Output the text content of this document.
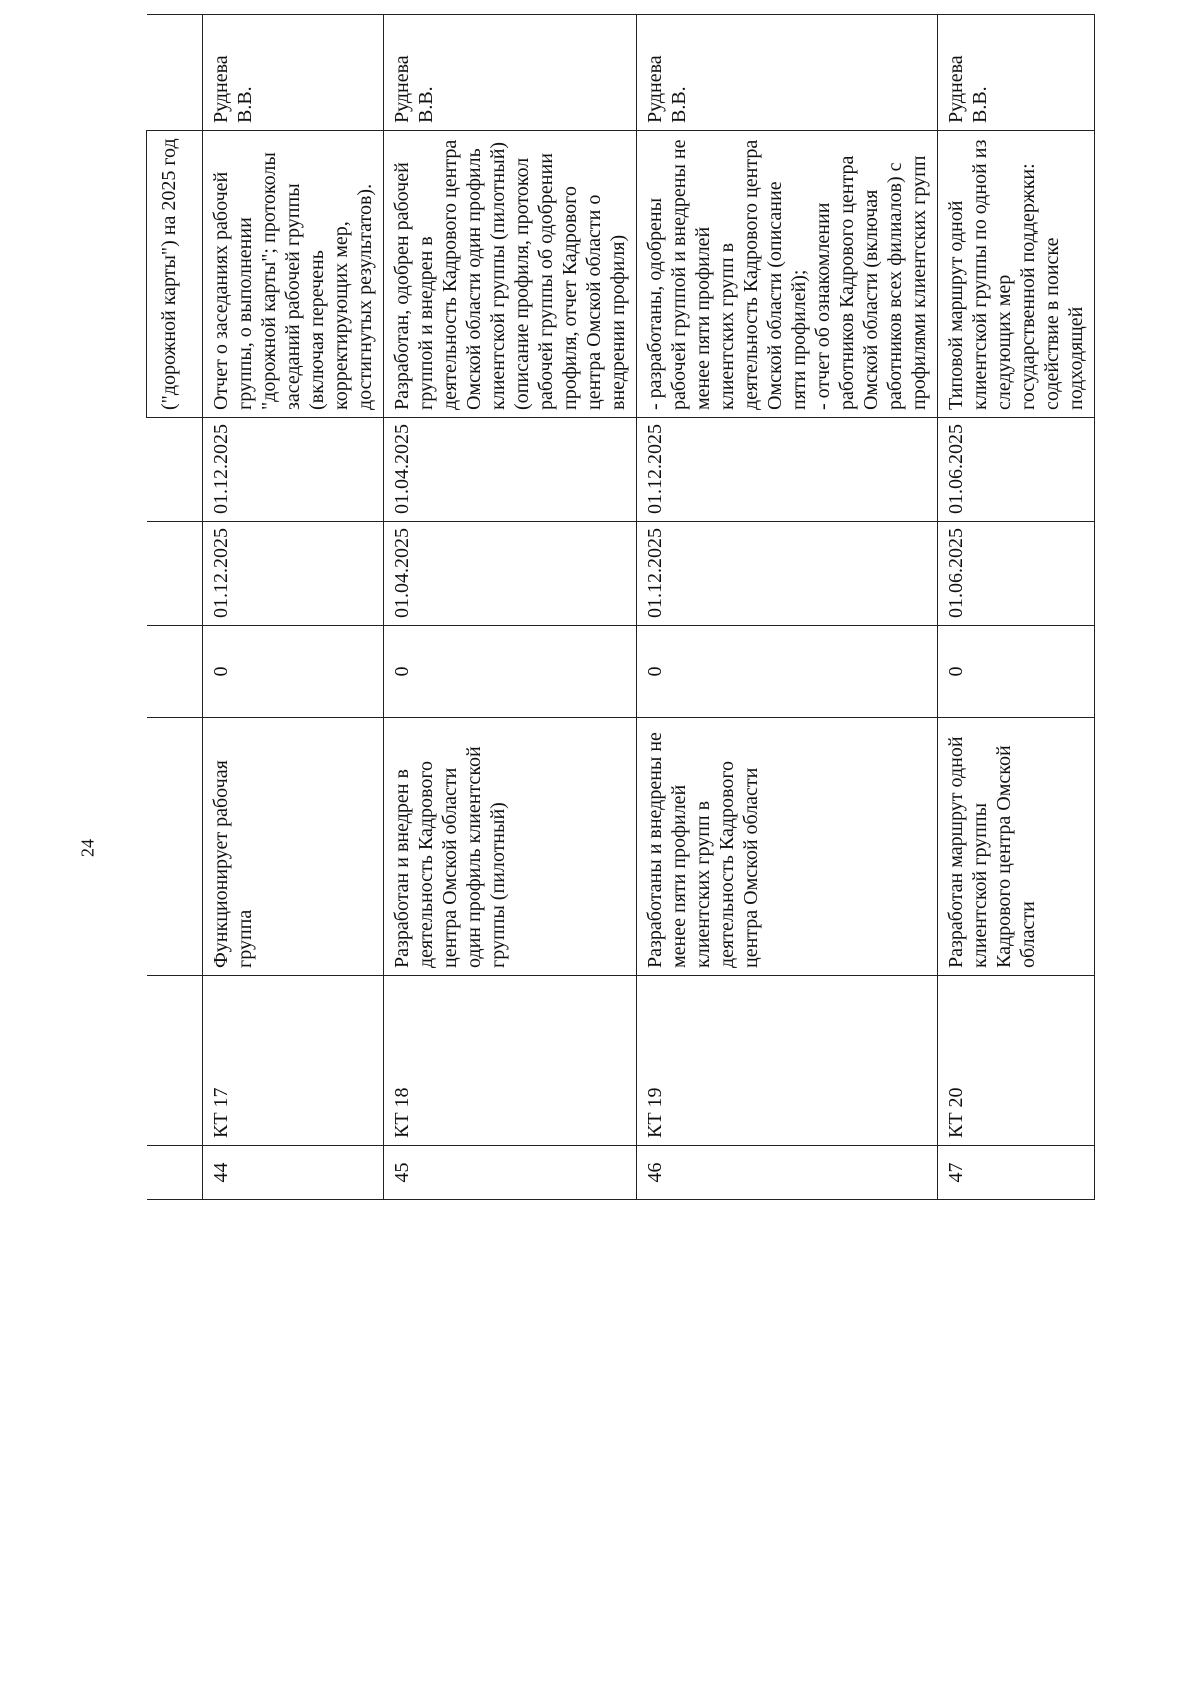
24
						("дорожной карты") на 2025 год	
44	КТ 17	Функционирует рабочая группа	0	01.12.2025	01.12.2025	Отчет о заседаниях рабочей группы, о выполнении "дорожной карты"; протоколы заседаний рабочей группы (включая перечень корректирующих мер, достигнутых результатов).	Руднева В.В.
45	КТ 18	Разработан и внедрен в деятельность Кадрового центра Омской области один профиль клиентской группы (пилотный)	0	01.04.2025	01.04.2025	Разработан, одобрен рабочей группой и внедрен в деятельность Кадрового центра Омской области один профиль клиентской группы (пилотный) (описание профиля, протокол рабочей группы об одобрении профиля, отчет Кадрового центра Омской области о внедрении профиля)	Руднева В.В.
46	КТ 19	Разработаны и внедрены не менее пяти профилей клиентских групп в деятельность Кадрового центра Омской области	0	01.12.2025	01.12.2025	- разработаны, одобрены рабочей группой и внедрены не менее пяти профилей клиентских групп в деятельность Кадрового центра Омской области (описание пяти профилей);
- отчет об ознакомлении работников Кадрового центра Омской области (включая работников всех филиалов) с профилями клиентских групп	Руднева В.В.
47	КТ 20	Разработан маршрут одной клиентской группы Кадрового центра Омской области	0	01.06.2025	01.06.2025	Типовой маршрут одной клиентской группы по одной из следующих мер государственной поддержки: содействие в поиске подходящей	Руднева В.В.
